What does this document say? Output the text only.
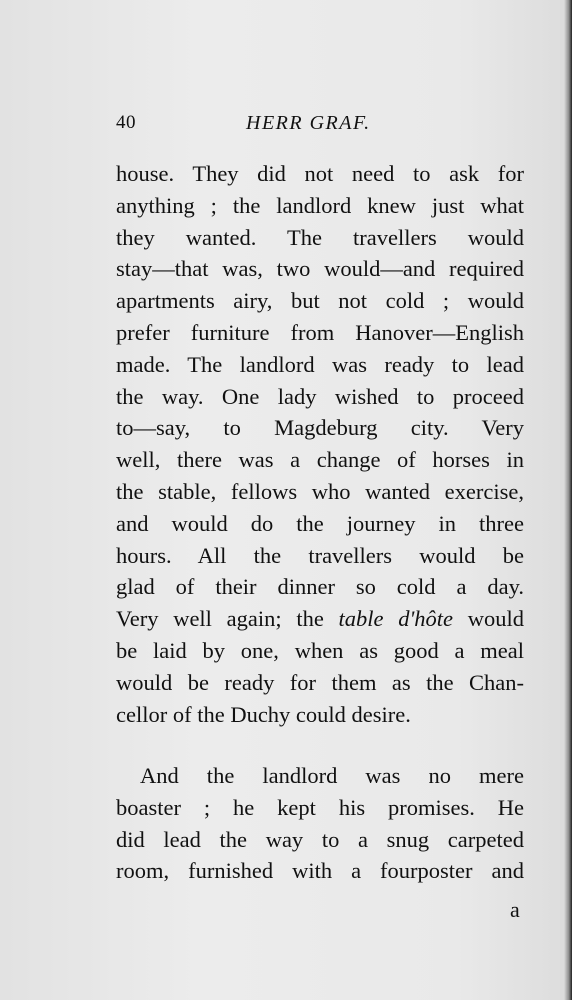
40	HERR GRAF.
house. They did not need to ask for
anything ; the landlord knew just what
they wanted. The travellers would
stay—that was, two would—and required
apartments airy, but not cold ; would
prefer furniture from Hanover—English
made. The landlord was ready to lead
the way. One lady wished to proceed
to—say, to Magdeburg city. Very
well, there was a change of horses in
the stable, fellows who wanted exercise,
and would do the journey in three
hours. All the travellers would be
glad of their dinner so cold a day.
Very well again; the table d'hôte would
be laid by one, when as good a meal
would be ready for them as the Chan-
cellor of the Duchy could desire.
And the landlord was no mere
boaster ; he kept his promises. He
did lead the way to a snug carpeted
room, furnished with a fourposter and
a
